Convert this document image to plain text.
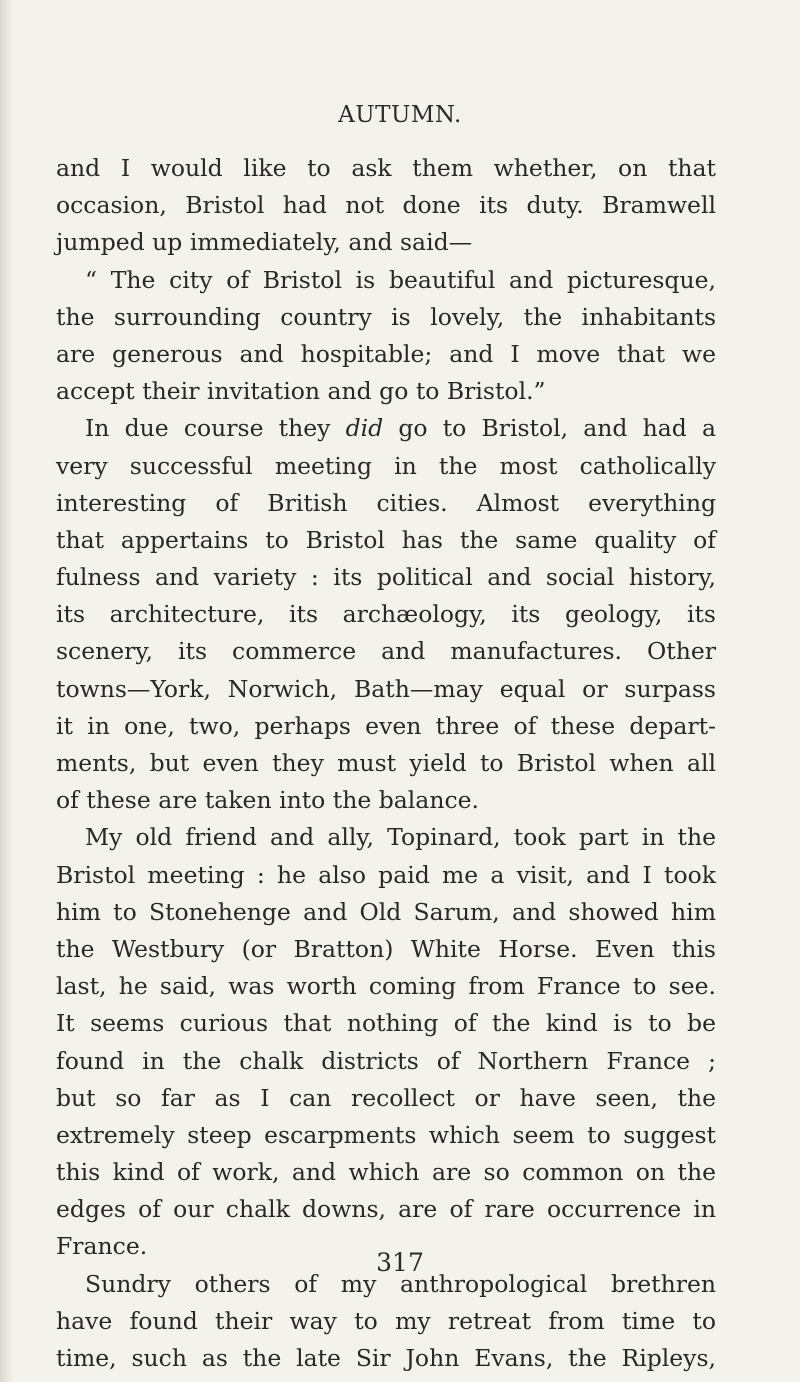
AUTUMN.
and I would like to ask them whether, on that
occasion, Bristol had not done its duty. Bramwell
jumped up immediately, and said—
“ The city of Bristol is beautiful and picturesque,
the surrounding country is lovely, the inhabitants
are generous and hospitable; and I move that we
accept their invitation and go to Bristol.”
In due course they did go to Bristol, and had a
very successful meeting in the most catholically
interesting of British cities. Almost everything
that appertains to Bristol has the same quality of
fulness and variety : its political and social history,
its architecture, its archæology, its geology, its
scenery, its commerce and manufactures. Other
towns—York, Norwich, Bath—may equal or surpass
it in one, two, perhaps even three of these depart-
ments, but even they must yield to Bristol when all
of these are taken into the balance.
My old friend and ally, Topinard, took part in the
Bristol meeting : he also paid me a visit, and I took
him to Stonehenge and Old Sarum, and showed him
the Westbury (or Bratton) White Horse. Even this
last, he said, was worth coming from France to see.
It seems curious that nothing of the kind is to be
found in the chalk districts of Northern France ;
but so far as I can recollect or have seen, the
extremely steep escarpments which seem to suggest
this kind of work, and which are so common on the
edges of our chalk downs, are of rare occurrence in
France.
Sundry others of my anthropological brethren
have found their way to my retreat from time to
time, such as the late Sir John Evans, the Ripleys,
317
